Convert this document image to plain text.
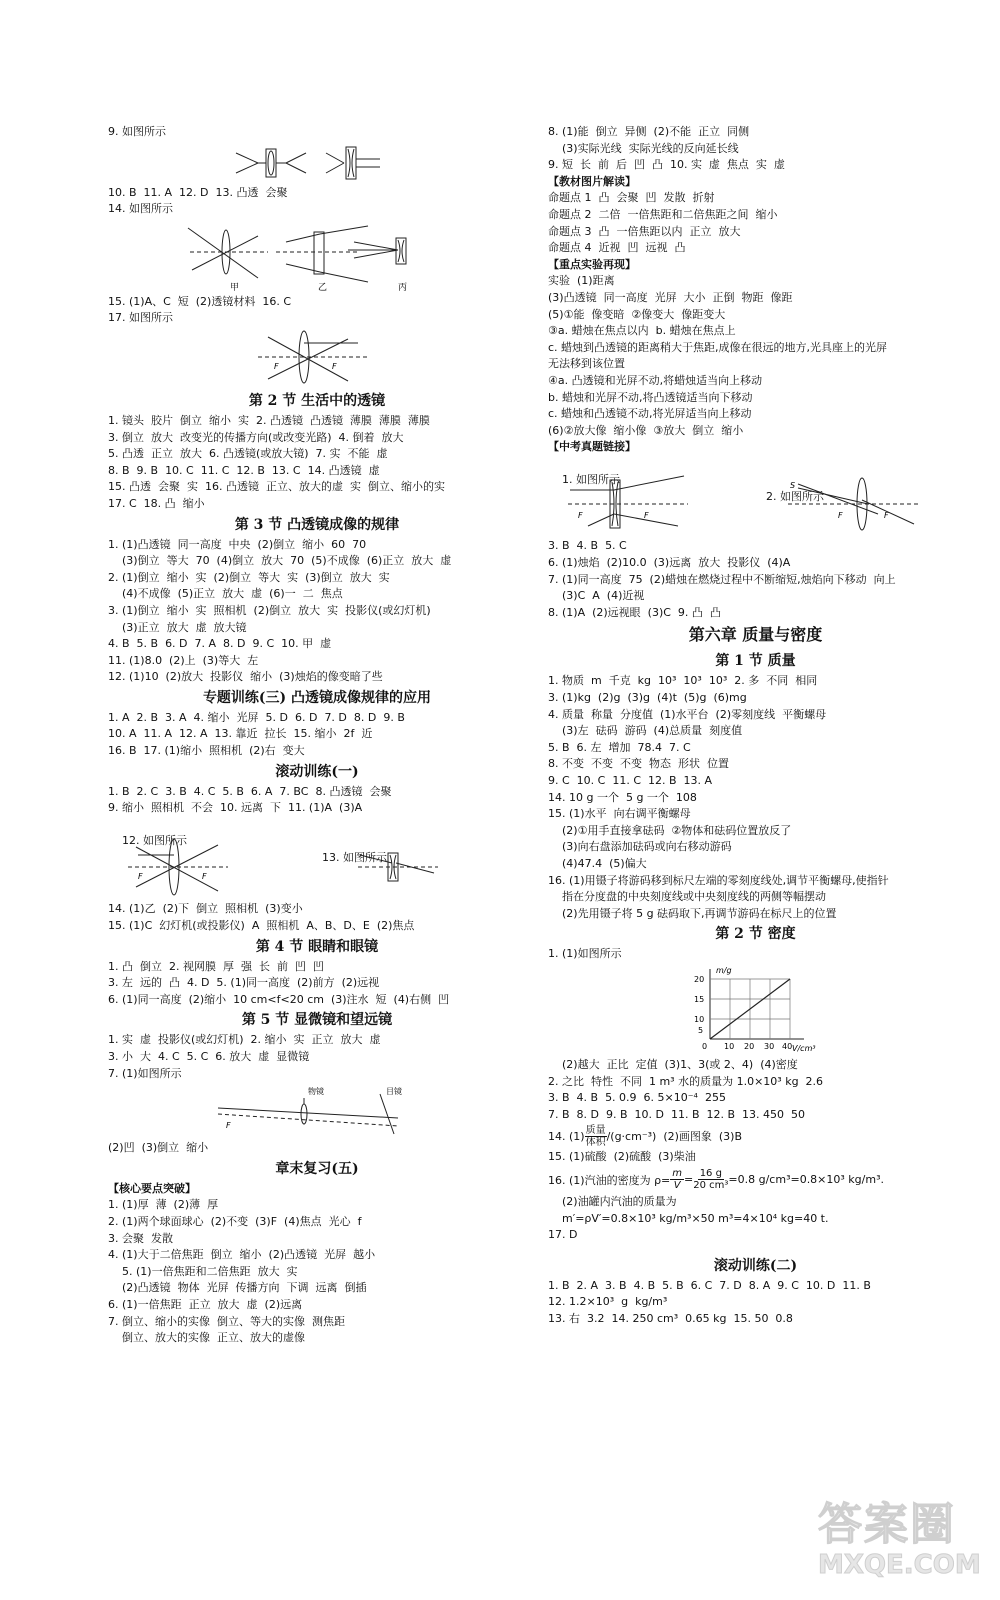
9. 如图所示
10. B  11. A  12. D  13. 凸透  会聚
14. 如图所示
甲	乙	丙
15. (1)A、C  短  (2)透镜材料  16. C
17. 如图所示
F	F
第 2 节 生活中的透镜
1. 镜头  胶片  倒立  缩小  实  2. 凸透镜  凸透镜  薄膜  薄膜  薄膜
3. 倒立  放大  改变光的传播方向(或改变光路)  4. 倒着  放大
5. 凸透  正立  放大  6. 凸透镜(或放大镜)  7. 实  不能  虚
8. B  9. B  10. C  11. C  12. B  13. C  14. 凸透镜  虚
15. 凸透  会聚  实  16. 凸透镜  正立、放大的虚  实  倒立、缩小的实
17. C  18. 凸  缩小
第 3 节 凸透镜成像的规律
1. (1)凸透镜  同一高度  中央  (2)倒立  缩小  60  70
(3)倒立  等大  70  (4)倒立  放大  70  (5)不成像  (6)正立  放大  虚
2. (1)倒立  缩小  实  (2)倒立  等大  实  (3)倒立  放大  实
(4)不成像  (5)正立  放大  虚  (6)一  二  焦点
3. (1)倒立  缩小  实  照相机  (2)倒立  放大  实  投影仪(或幻灯机)
(3)正立  放大  虚  放大镜
4. B  5. B  6. D  7. A  8. D  9. C  10. 甲  虚
11. (1)8.0  (2)上  (3)等大  左
12. (1)10  (2)放大  投影仪  缩小  (3)烛焰的像变暗了些
专题训练(三) 凸透镜成像规律的应用
1. A  2. B  3. A  4. 缩小  光屏  5. D  6. D  7. D  8. D  9. B
10. A  11. A  12. A  13. 靠近  拉长  15. 缩小  2f  近
16. B  17. (1)缩小  照相机  (2)右  变大
滚动训练(一)
1. B  2. C  3. B  4. C  5. B  6. A  7. BC  8. 凸透镜  会聚
9. 缩小  照相机  不会  10. 远离  下  11. (1)A  (3)A

12. 如图所示

13. 如图所示

F	F
14. (1)乙  (2)下  倒立  照相机  (3)变小
15. (1)C  幻灯机(或投影仪)  A  照相机  A、B、D、E  (2)焦点
第 4 节 眼睛和眼镜
1. 凸  倒立  2. 视网膜  厚  强  长  前  凹  凹
3. 左  远的  凸  4. D  5. (1)同一高度  (2)前方  (2)远视
6. (1)同一高度  (2)缩小  10 cm<f<20 cm  (3)注水  短  (4)右侧  凹
第 5 节 显微镜和望远镜
1. 实  虚  投影仪(或幻灯机)  2. 缩小  实  正立  放大  虚
3. 小  大  4. C  5. C  6. 放大  虚  显微镜
7. (1)如图所示
物镜	目镜
F
(2)凹  (3)倒立  缩小
章末复习(五)
【核心要点突破】
1. (1)厚  薄  (2)薄  厚
2. (1)两个球面球心  (2)不变  (3)F  (4)焦点  光心  f
3. 会聚  发散
4. (1)大于二倍焦距  倒立  缩小  (2)凸透镜  光屏  越小
5. (1)一倍焦距和二倍焦距  放大  实
(2)凸透镜  物体  光屏  传播方向  下调  远离  倒插
6. (1)一倍焦距  正立  放大  虚  (2)远离
7. 倒立、缩小的实像  倒立、等大的实像  测焦距
倒立、放大的实像  正立、放大的虚像
8. (1)能  倒立  异侧  (2)不能  正立  同侧
(3)实际光线  实际光线的反向延长线
9. 短  长  前  后  凹  凸  10. 实  虚  焦点  实  虚
【教材图片解读】
命题点 1  凸  会聚  凹  发散  折射
命题点 2  二倍  一倍焦距和二倍焦距之间  缩小
命题点 3  凸  一倍焦距以内  正立  放大
命题点 4  近视  凹  远视  凸
【重点实验再现】
实验  (1)距离
(3)凸透镜  同一高度  光屏  大小  正倒  物距  像距
(5)①能  像变暗  ②像变大  像距变大
③a. 蜡烛在焦点以内  b. 蜡烛在焦点上
c. 蜡烛到凸透镜的距离稍大于焦距,成像在很远的地方,光具座上的光屏
无法移到该位置
④a. 凸透镜和光屏不动,将蜡烛适当向上移动
b. 蜡烛和光屏不动,将凸透镜适当向下移动
c. 蜡烛和凸透镜不动,将光屏适当向上移动
(6)②放大像  缩小像  ③放大  倒立  缩小
【中考真题链接】

1. 如图所示

2. 如图所示

F	F
S
F	F
3. B  4. B  5. C
6. (1)烛焰  (2)10.0  (3)远离  放大  投影仪  (4)A
7. (1)同一高度  75  (2)蜡烛在燃烧过程中不断缩短,烛焰向下移动  向上
(3)C  A  (4)近视
8. (1)A  (2)远视眼  (3)C  9. 凸  凸
第六章 质量与密度
第 1 节 质量
1. 物质  m  千克  kg  10³  10³  10³  2. 多  不同  相同
3. (1)kg  (2)g  (3)g  (4)t  (5)g  (6)mg
4. 质量  称量  分度值  (1)水平台  (2)零刻度线  平衡螺母
(3)左  砝码  游码  (4)总质量  刻度值
5. B  6. 左  增加  78.4  7. C
8. 不变  不变  不变  物态  形状  位置
9. C  10. C  11. C  12. B  13. A
14. 10 g 一个  5 g 一个  108
15. (1)水平  向右调平衡螺母
(2)①用手直接拿砝码  ②物体和砝码位置放反了
(3)向右盘添加砝码或向右移动游码
(4)47.4  (5)偏大
16. (1)用镊子将游码移到标尺左端的零刻度线处,调节平衡螺母,使指针
指在分度盘的中央刻度线或中央刻度线的两侧等幅摆动
(2)先用镊子将 5 g 砝码取下,再调节游码在标尺上的位置
第 2 节 密度
1. (1)如图所示
m/g
V/cm³
20
15
10
5
0 10 20 30 40
(2)越大  正比  定值  (3)1、3(或 2、4)  (4)密度
2. 之比  特性  不同  1 m³ 水的质量为 1.0×10³ kg  2.6
3. B  4. B  5. 0.9  6. 5×10⁻⁴  255
7. B  8. D  9. B  10. D  11. B  12. B  13. 450  50
14. (1) 质量
体积 /(g·cm⁻³)  (2)画图象  (3)B
15. (1)硫酸  (2)硫酸  (3)柴油
16. (1)汽油的密度为 $\rho= \frac{m}{V} = \frac{16 g}{\text{20 cm³}} =0.8$ g/cm³=0.8×10³ kg/m³.
(2)油罐内汽油的质量为
m′=ρV′=0.8×10³ kg/m³×50 m³=4×10⁴ kg=40 t.
17. D
滚动训练(二)
1. B  2. A  3. B  4. B  5. B  6. C  7. D  8. A  9. C  10. D  11. B
12. 1.2×10³  g  kg/m³
13. 右  3.2  14. 250 cm³  0.65 kg  15. 50  0.8
答案圈
MXQE.COM
